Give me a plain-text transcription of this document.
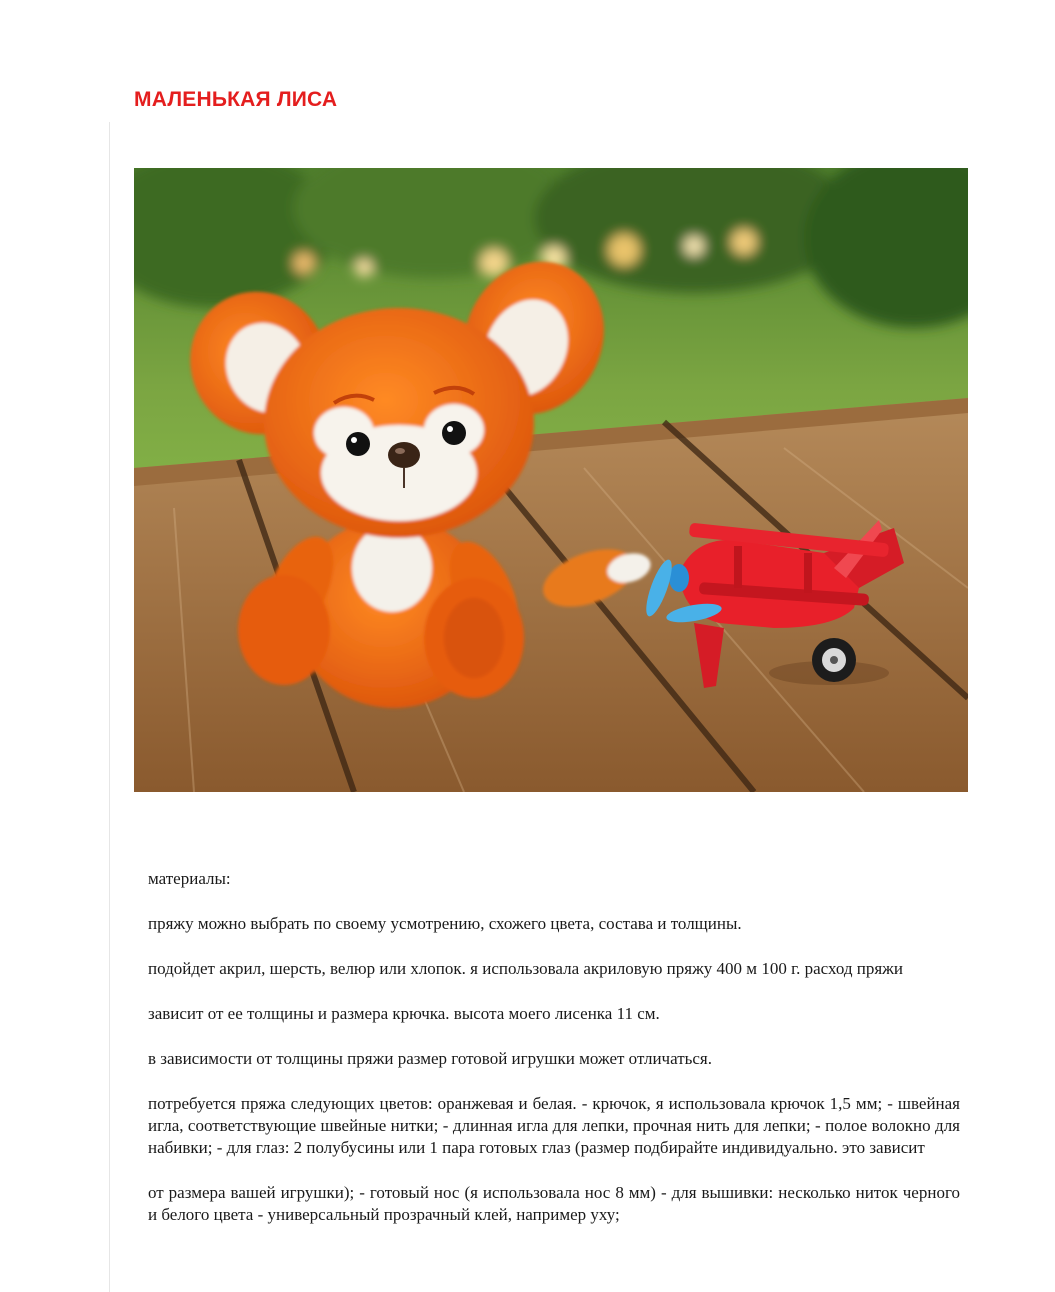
МАЛЕНЬКАЯ ЛИСА

материалы:

пряжу можно выбрать по своему усмотрению, схожего цвета, состава и толщины.

подойдет акрил, шерсть, велюр или хлопок. я использовала акриловую пряжу 400 м 100 г. расход пряжи

зависит от ее толщины и размера крючка. высота моего лисенка 11 см.

в зависимости от толщины пряжи размер готовой игрушки может отличаться.

потребуется пряжа следующих цветов: оранжевая и белая. - крючок, я использовала крючок 1,5 мм; - швейная игла, соответствующие швейные нитки; - длинная игла для лепки, прочная нить для лепки; - полое волокно для набивки; - для глаз: 2 полубусины или 1 пара готовых глаз (размер подбирайте индивидуально. это зависит

от размера вашей игрушки); - готовый нос (я использовала нос 8 мм) - для вышивки: несколько ниток черного и белого цвета - универсальный прозрачный клей, например уху;
